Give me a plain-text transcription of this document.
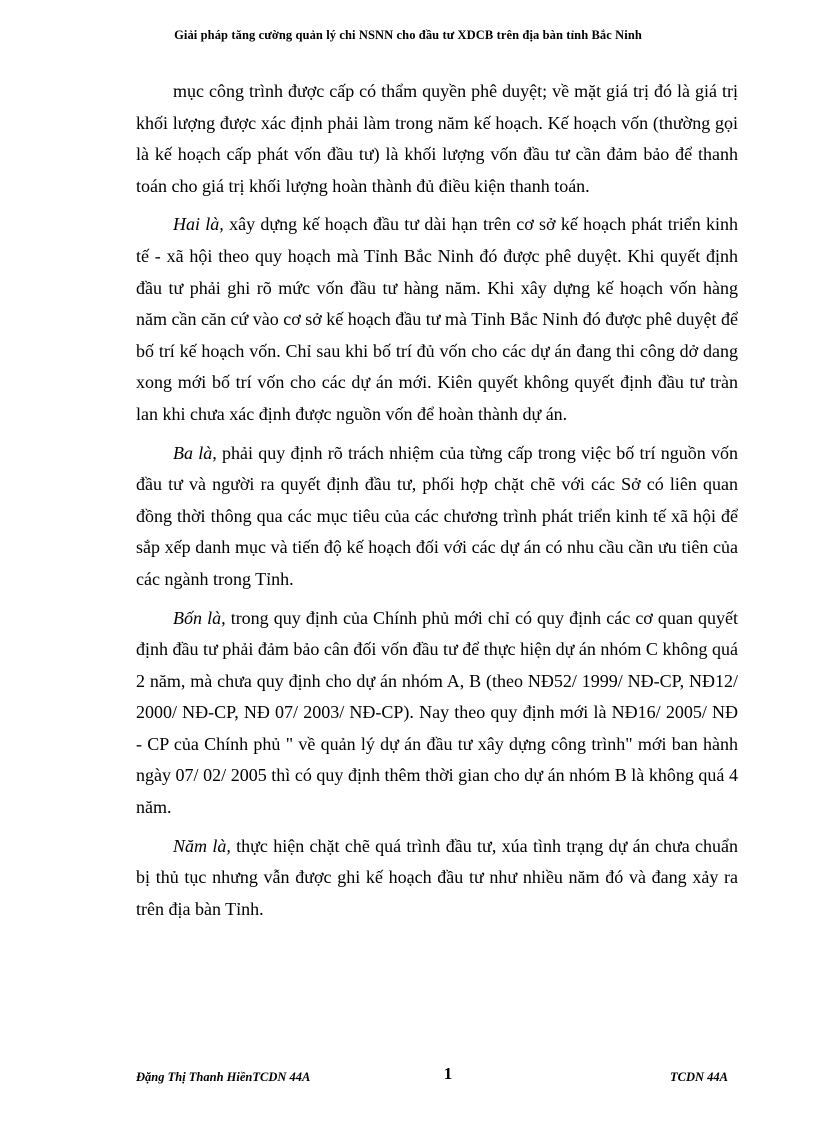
Giải pháp tăng cường quản lý chi NSNN cho đầu tư XDCB trên địa bàn tỉnh Bắc Ninh

mục công trình được cấp có thẩm quyền phê duyệt; về mặt giá trị đó là giá trị khối lượng được xác định phải làm trong năm kế hoạch. Kế hoạch vốn (thường gọi là kế hoạch cấp phát vốn đầu tư) là khối lượng vốn đầu tư cần đảm bảo để thanh toán cho giá trị khối lượng hoàn thành đủ điều kiện thanh toán.

Hai là, xây dựng kế hoạch đầu tư dài hạn trên cơ sở kế hoạch phát triển kinh tế - xã hội theo quy hoạch mà Tỉnh Bắc Ninh đó được phê duyệt. Khi quyết định đầu tư phải ghi rõ mức vốn đầu tư hàng năm. Khi xây dựng kế hoạch vốn hàng năm cần căn cứ vào cơ sở kế hoạch đầu tư mà Tỉnh Bắc Ninh đó được phê duyệt để bố trí kế hoạch vốn. Chỉ sau khi bố trí đủ vốn cho các dự án đang thi công dở dang xong mới bố trí vốn cho các dự án mới. Kiên quyết không quyết định đầu tư tràn lan khi chưa xác định được nguồn vốn để hoàn thành dự án.

Ba là, phải quy định rõ trách nhiệm của từng cấp trong việc bố trí nguồn vốn đầu tư và người ra quyết định đầu tư, phối hợp chặt chẽ với các Sở có liên quan đồng thời thông qua các mục tiêu của các chương trình phát triển kinh tế xã hội để sắp xếp danh mục và tiến độ kế hoạch đối với các dự án có nhu cầu cần ưu tiên của các ngành trong Tỉnh.

Bốn là, trong quy định của Chính phủ mới chỉ có quy định các cơ quan quyết định đầu tư phải đảm bảo cân đối vốn đầu tư để thực hiện dự án nhóm C không quá 2 năm, mà chưa quy định cho dự án nhóm A, B (theo NĐ52/ 1999/ NĐ-CP, NĐ12/ 2000/ NĐ-CP, NĐ 07/ 2003/ NĐ-CP). Nay theo quy định mới là NĐ16/ 2005/ NĐ - CP của Chính phủ " về quản lý dự án đầu tư xây dựng công trình" mới ban hành ngày 07/ 02/ 2005 thì có quy định thêm thời gian cho dự án nhóm B là không quá 4 năm.

Năm là, thực hiện chặt chẽ quá trình đầu tư, xúa tình trạng dự án chưa chuẩn bị thủ tục nhưng vẫn được ghi kế hoạch đầu tư như nhiều năm đó và đang xảy ra trên địa bàn Tỉnh.

Đặng Thị Thanh HiềnTCDN 44A	1	TCDN 44A
